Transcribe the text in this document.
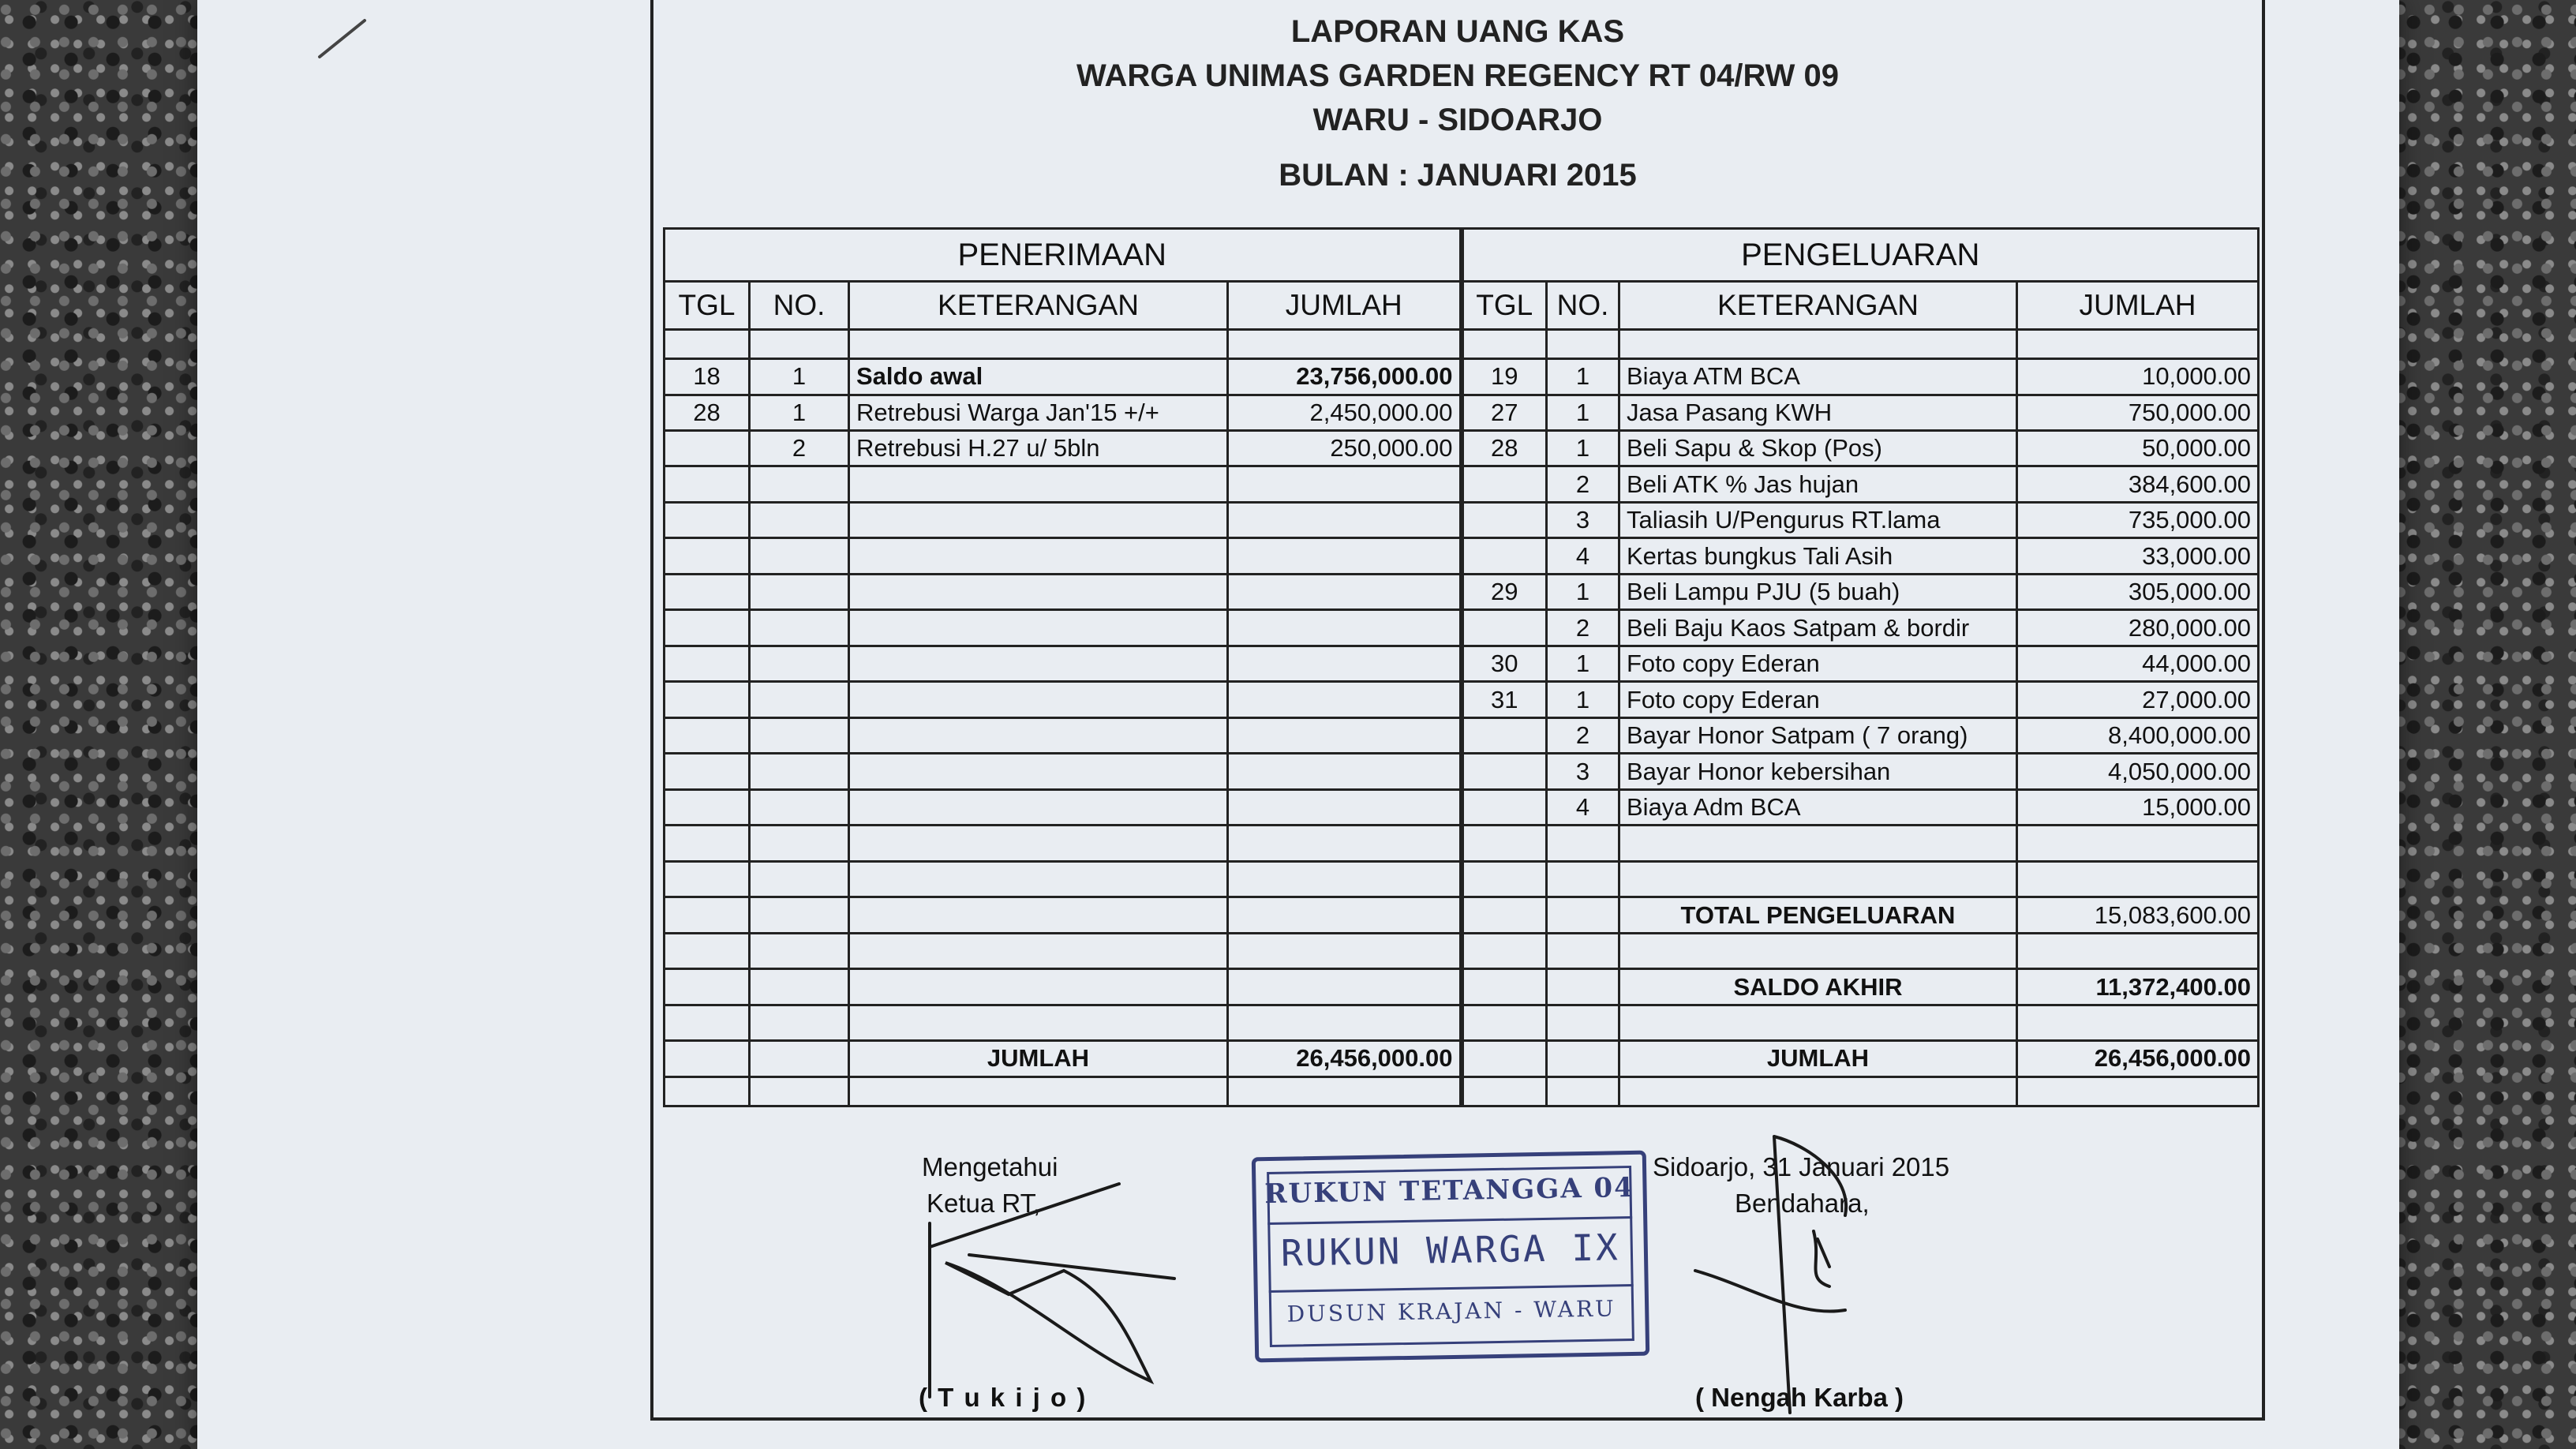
LAPORAN UANG KAS
WARGA UNIMAS GARDEN REGENCY RT 04/RW 09
WARU - SIDOARJO
BULAN : JANUARI 2015
PENERIMAAN				PENGELUARAN			
TGL	NO.	KETERANGAN	JUMLAH	TGL	NO.	KETERANGAN	JUMLAH

18	1	Saldo awal	23,756,000.00	19	1	Biaya ATM BCA	10,000.00
28	1	Retrebusi Warga Jan'15 +/+	2,450,000.00	27	1	Jasa Pasang KWH	750,000.00
	2	Retrebusi H.27 u/ 5bln	250,000.00	28	1	Beli Sapu & Skop (Pos)	50,000.00
					2	Beli ATK % Jas hujan	384,600.00
					3	Taliasih U/Pengurus RT.lama	735,000.00
					4	Kertas bungkus Tali Asih	33,000.00
				29	1	Beli Lampu PJU (5 buah)	305,000.00
					2	Beli Baju Kaos Satpam & bordir	280,000.00
				30	1	Foto copy Ederan	44,000.00
				31	1	Foto copy Ederan	27,000.00
					2	Bayar Honor Satpam ( 7 orang)	8,400,000.00
					3	Bayar Honor kebersihan	4,050,000.00
					4	Biaya Adm BCA	15,000.00

						TOTAL PENGELUARAN	15,083,600.00

						SALDO AKHIR	11,372,400.00

		JUMLAH	26,456,000.00			JUMLAH	26,456,000.00

Mengetahui
Ketua RT,
( T u k i j o )
Sidoarjo, 31 Januari 2015
Bendahara,
( Nengah Karba )
RUKUN TETANGGA 04
RUKUN WARGA IX
DUSUN KRAJAN - WARU
